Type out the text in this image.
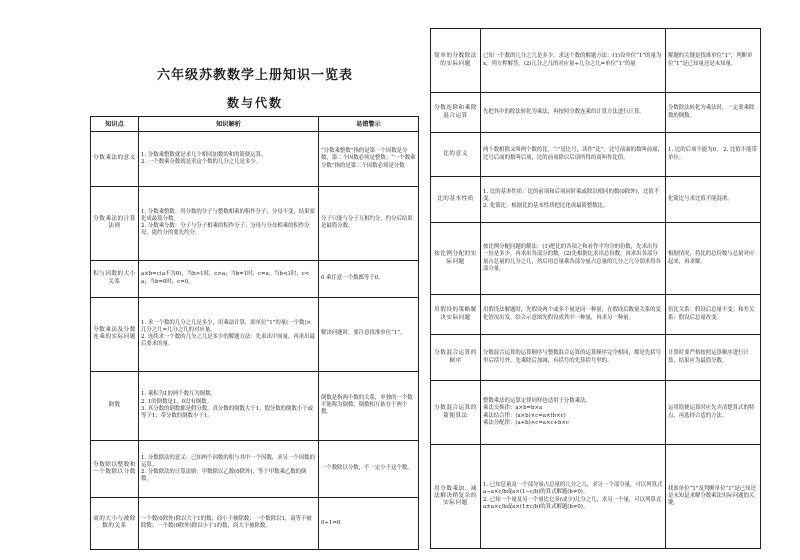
六年级苏教数学上册知识一览表
数与代数
知识点	知识解析	易错警示
分数乘法的意义	1. 分数乘整数就是求几个相同加数的和的简便运算。
2. 一个数乘分数就是求这个数的几分之几是多少。	“分数乘整数”指的是第一个因数是分数，第二个因数必须是整数；“一个数乘分数”指的是第二个因数必须是分数
分数乘法的计算法则	1. 分数乘整数：用分数的分子与整数相乘的积作分子，分母不变，结果要化成最简分数。
2. 分数乘分数：分子与分子相乘的积作分子；分母与分母相乘的积作分母，能约分的要先约分。	分子只能与分子互相约分，约分后结果是最简分数。
积与因数的大小关系	a×b=c(a不为0)，当b>1时，c>a；当b=1时，c=a；当b<1时，c<a；当b=0时，c=0。	0 乘任意一个数都等于0。
分数乘法及分数连乘的实际问题	1. 求一个数的几分之几是多少，用乘法计算，即单位“1”的量(一个数)×几分之几=几分之几的对应量。
2. 连续求一个数的几分之几是多少的解题方法：先求出中间量，再求出最后要求的量。	解决问题时，要注意找准单位“1”。
倒数	1. 乘积为1的两个数互为倒数。
2. 1的倒数是1，0没有倒数。
3. 真分数的倒数都是假分数，真分数的倒数大于1，假分数的倒数小于或等于1；带分数的倒数小于1。	倒数是指两个数的关系，单独的一个数不能称为倒数，倒数相互依存于两个数。
分数除以整数和一个数除以分数	1. 分数除法的意义：已知两个因数的积与其中一个因数，求另一个因数的运算。
2. 分数除法的计算法则：甲数除以乙数(0除外)，等于甲数乘乙数的倒数。	一个数除以分数，不一定小于这个数。
商的大小与被除数的关系	一个数(0除外)除以大于1的数，商小于被除数；一个数除以1，商等于被除数；一个数(0除外)除以小于1的数，商大于被除数。	0÷1=0
简单的分数除法的实际问题	已知一个数的几分之几是多少，求这个数的解题方法：(1)设单位“1”的量为x，列方程解答。(2)几分之几的对应量÷几分之几=单位“1”的量	解题的关键是找准单位“1”，判断单位“1”是已知量还是未知量。
分数连除和乘除混合运算	先把其中的除法转化为乘法，再按照分数连乘的计算方法进行计算。	分数除法转化为乘法时，一定要乘除数的倒数。
比的意义	两个数相除又叫两个数的比。“:”是比号，读作“比”。比号前面的数叫前项，比号后面的数叫后项，比的前项除以后项所得的商叫作比值。	1. 比的后项不能为0。 2. 比值不能带单位。
比的基本性质	1. 比的基本性质：比的前项和后项同时乘或除以相同的数(0除外)，比值不变。
2. 化简比：根据比的基本性质把比化成最简整数比。	化简比与求比值不能混淆。
按比例分配的实际问题	按比例分配问题的解法：(1)把比的各项之和看作平均分的份数，先求出每一份是多少，再求出各部分的数。(2)先根据比求出总份数，再求出各部分量占总量的几分之几，然后用总量乘各部分量占总量的几分之几分别求得各部分量。	根据情况，将比的总份数与总量对应起来，再求解。
用假设的策略解决实际问题	用假设法解题时，先假设两个或多个量是同一种量，在假设后数量关系的变化情况出发，结合示意图先假设成其中一种量，再求另一种量。	倍比关系：假设后总量不变；和差关系：假设后总量改变。
分数混合运算的顺序	分数混合运算的运算顺序与整数混合运算的运算顺序完全相同，都是先括号里后括号外，先乘除后加减，有括号的先算括号里的。	计算时要严格按照运算顺序进行计算，结果应为最简分数。
分数混合运算的简便算法	整数乘法的运算定律同样也适用于分数乘法。
乘法交换律：a×b=b×a
乘法结合律：(a×b)×c=a×(b×c)
乘法分配律：(a+b)×c=a×c+b×c	运用简便运算时应先弄清楚算式的特点，再选择合适的方法。
用分数乘加、减法解决稍复杂的实际问题	1. 已知总量及一个部分量占总量的几分之几，求另一个部分量，可以列算式a−a×c/b或a×(1−c/b)的算式解题(b≠0)。
2. 已知一个量及另一个量比它多(或少)几分之几，求另一个量，可以列算式a±a×c/b或a×(1±c/b)的算式解题(b≠0)。	找准单位“1”及判断单位“1”是已知还是未知是求解分数乘法实际问题的关键。
